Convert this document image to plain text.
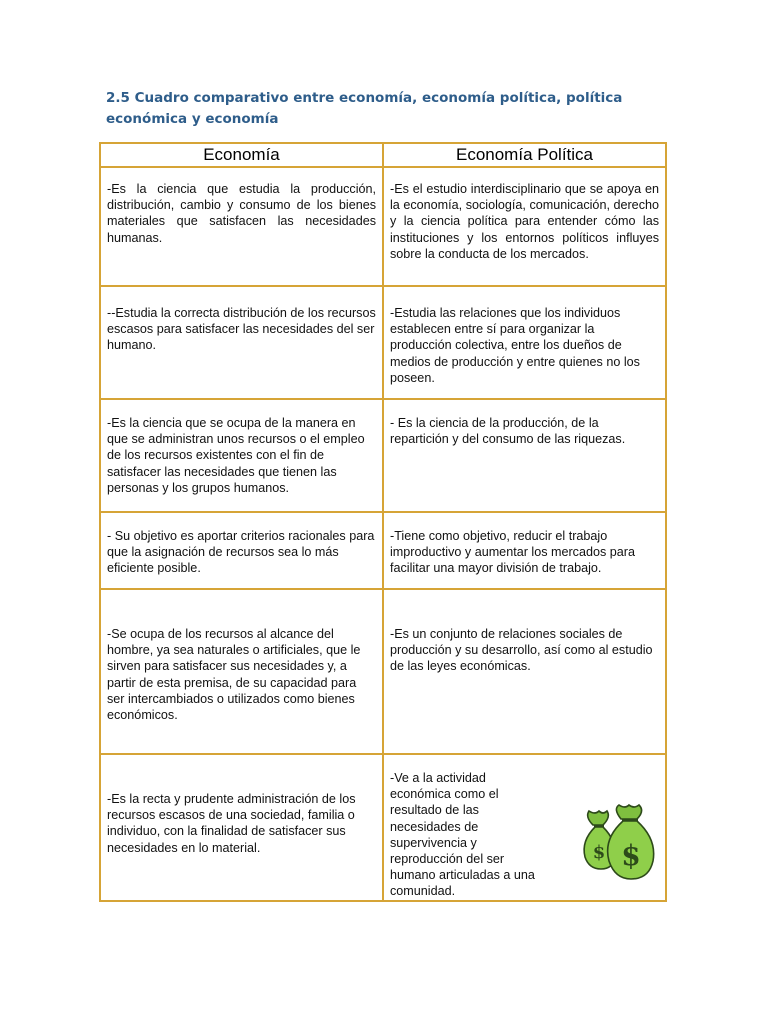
2.5 Cuadro comparativo entre economía, economía política, política económica y economía
Economía	Economía Política

-Es la ciencia que estudia la producción, distribución, cambio y consumo de los bienes materiales que satisfacen las necesidades humanas.	-Es el estudio interdisciplinario que se apoya en la economía, sociología, comunicación, derecho y la ciencia política para entender cómo las instituciones y los entornos políticos influyes sobre la conducta de los mercados.

--Estudia la correcta distribución de los recursos escasos para satisfacer las necesidades del ser humano.	-Estudia las relaciones que los individuos establecen entre sí para organizar la producción colectiva, entre los dueños de medios de producción y entre quienes no los poseen.

-Es la ciencia que se ocupa de la manera en que se administran unos recursos o el empleo de los recursos existentes con el fin de satisfacer las necesidades que tienen las personas y los grupos humanos.	- Es la ciencia de la producción, de la repartición y del consumo de las riquezas.

- Su objetivo es aportar criterios racionales para que la asignación de recursos sea lo más eficiente posible.	-Tiene como objetivo, reducir el trabajo improductivo y aumentar los mercados para facilitar una mayor división de trabajo.

-Se ocupa de los recursos al alcance del hombre, ya sea naturales o artificiales, que le sirven para satisfacer sus necesidades y, a partir de esta premisa, de su capacidad para ser intercambiados o utilizados como bienes económicos.	-Es un conjunto de relaciones sociales de producción y su desarrollo, así como al estudio de las leyes económicas.

-Es la recta y prudente administración de los recursos escasos de una sociedad, familia o individuo, con la finalidad de satisfacer sus necesidades en lo material.	-Ve a la actividad económica como el resultado de las necesidades de supervivencia y reproducción del ser humano articuladas a una comunidad.
$ $
